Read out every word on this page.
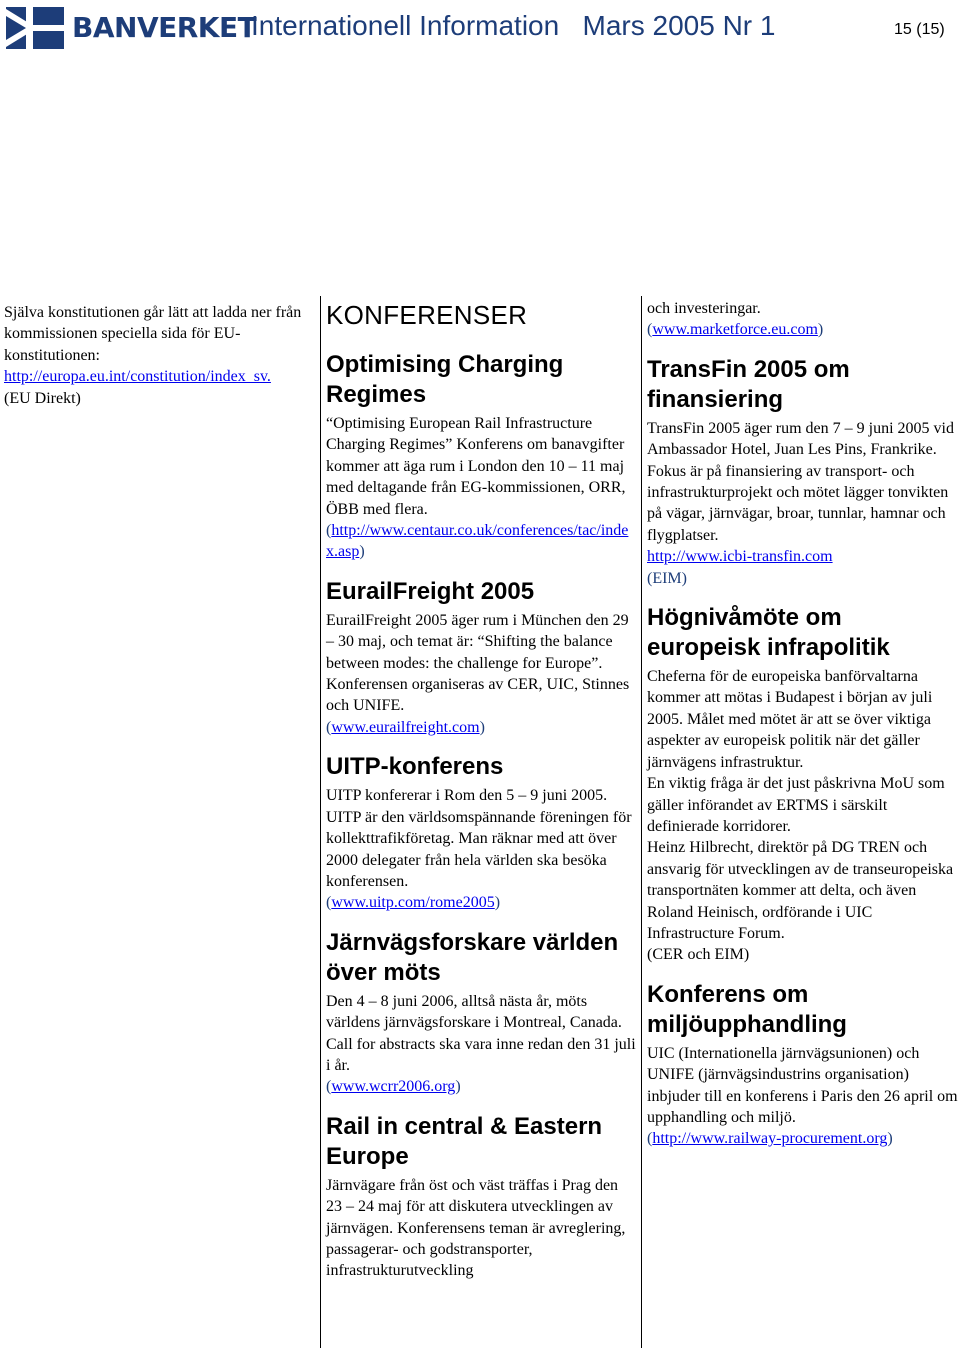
BANVERKET
Internationell Information   Mars 2005 Nr 1	15 (15)

Själva konstitutionen går lätt att ladda ner från kommissionen speciella sida för EU-konstitutionen:

http://europa.eu.int/constitution/index_sv.

(EU Direkt)

KONFERENSER
Optimising Charging Regimes

“Optimising European Rail Infrastructure Charging Regimes” Konferens om banavgifter kommer att äga rum i London den 10 – 11 maj med deltagande från EG-kommissionen, ORR, ÖBB med flera.

(http://www.centaur.co.uk/conferences/tac/index.asp)

EurailFreight 2005

EurailFreight 2005 äger rum i München den 29 – 30 maj, och temat är: “Shifting the balance between modes: the challenge for Europe”.

Konferensen organiseras av CER, UIC, Stinnes och UNIFE.

(www.eurailfreight.com)

UITP-konferens

UITP konfererar i Rom den 5 – 9 juni 2005. UITP är den världsomspännande föreningen för kollekttrafikföretag. Man räknar med att över 2000 delegater från hela världen ska besöka konferensen.

(www.uitp.com/rome2005)

Järnvägsforskare världen över möts

Den 4 – 8 juni 2006, alltså nästa år, möts världens järnvägsforskare i Montreal, Canada. Call for abstracts ska vara inne redan den 31 juli i år.

(www.wcrr2006.org)

Rail in central & Eastern Europe

Järnvägare från öst och väst träffas i Prag den 23 – 24 maj för att diskutera utvecklingen av järnvägen. Konferensens teman är avreglering, passagerar- och godstransporter, infrastrukturutveckling

och investeringar.

(www.marketforce.eu.com)

TransFin 2005 om finansiering

TransFin 2005 äger rum den 7 – 9 juni 2005 vid Ambassador Hotel, Juan Les Pins, Frankrike.

Fokus är på finansiering av transport- och infrastrukturprojekt och mötet lägger tonvikten på vägar, järnvägar, broar, tunnlar, hamnar och flygplatser.

http://www.icbi-transfin.com

(EIM)

Högnivåmöte om europeisk infrapolitik

Cheferna för de europeiska banförvaltarna kommer att mötas i Budapest i början av juli 2005. Målet med mötet är att se över viktiga aspekter av europeisk politik när det gäller järnvägens infrastruktur.

En viktig fråga är det just påskrivna MoU som gäller införandet av ERTMS i särskilt definierade korridorer.

Heinz Hilbrecht, direktör på DG TREN och ansvarig för utvecklingen av de transeuropeiska transportnäten kommer att delta, och även Roland Heinisch, ordförande i UIC Infrastructure Forum.

(CER och EIM)

Konferens om miljöupphandling

UIC (Internationella järnvägsunionen) och UNIFE (järnvägsindustrins organisation) inbjuder till en konferens i Paris den 26 april om upphandling och miljö.

(http://www.railway-procurement.org)
